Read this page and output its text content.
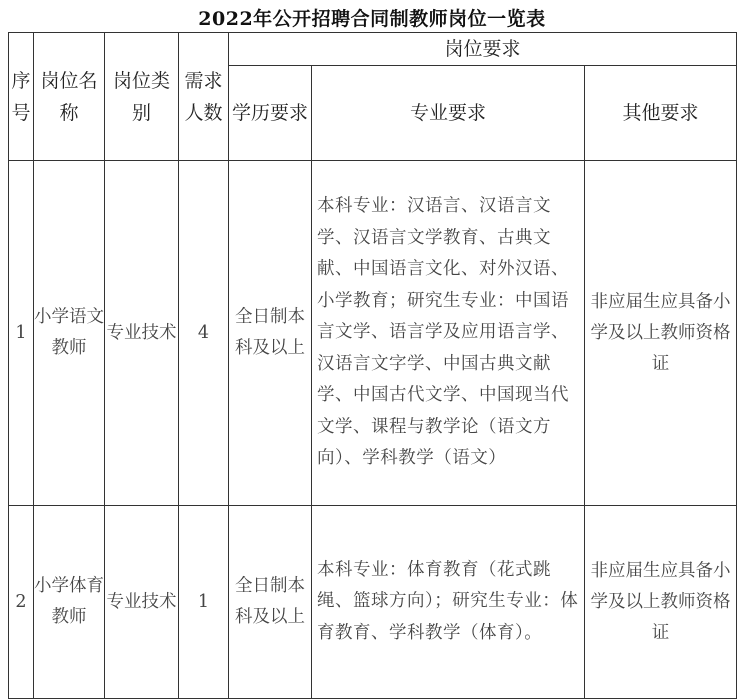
2022年公开招聘合同制教师岗位一览表
序号	岗位名称	岗位类别	需求人数	岗位要求		
				学历要求	专业要求	其他要求
1	小学语文教师	专业技术	4	全日制本科及以上	本科专业：汉语言、汉语言文学、汉语言文学教育、古典文献、中国语言文化、对外汉语、小学教育；研究生专业：中国语言文学、语言学及应用语言学、汉语言文字学、中国古典文献学、中国古代文学、中国现当代文学、课程与教学论（语文方向）、学科教学（语文）	非应届生应具备小学及以上教师资格证
2	小学体育教师	专业技术	1	全日制本科及以上	本科专业：体育教育（花式跳绳、篮球方向）；研究生专业：体育教育、学科教学（体育）。	非应届生应具备小学及以上教师资格证
